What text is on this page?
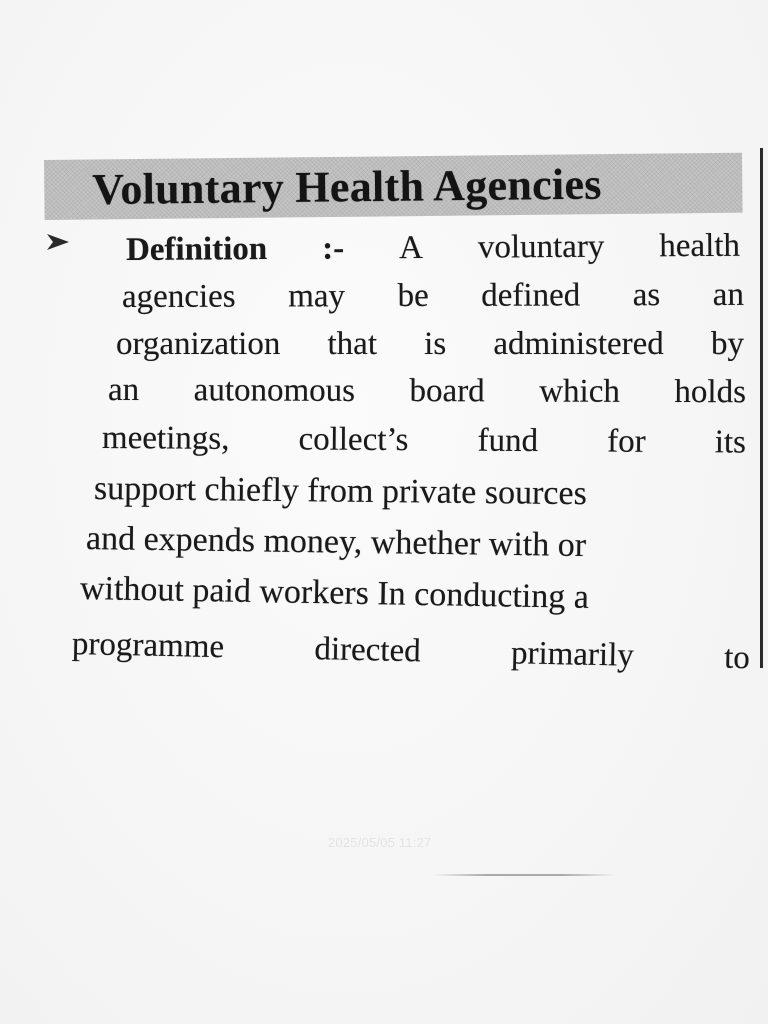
Voluntary Health Agencies
Definition :- A voluntary health
agencies may be defined as an
organization that is administered by
an autonomous board which holds
meetings, collect’s fund for its
support chiefly from private sources
and expends money, whether with or
without paid workers In conducting a
programme	directed	primarily	to
2025/05/05 11:27
